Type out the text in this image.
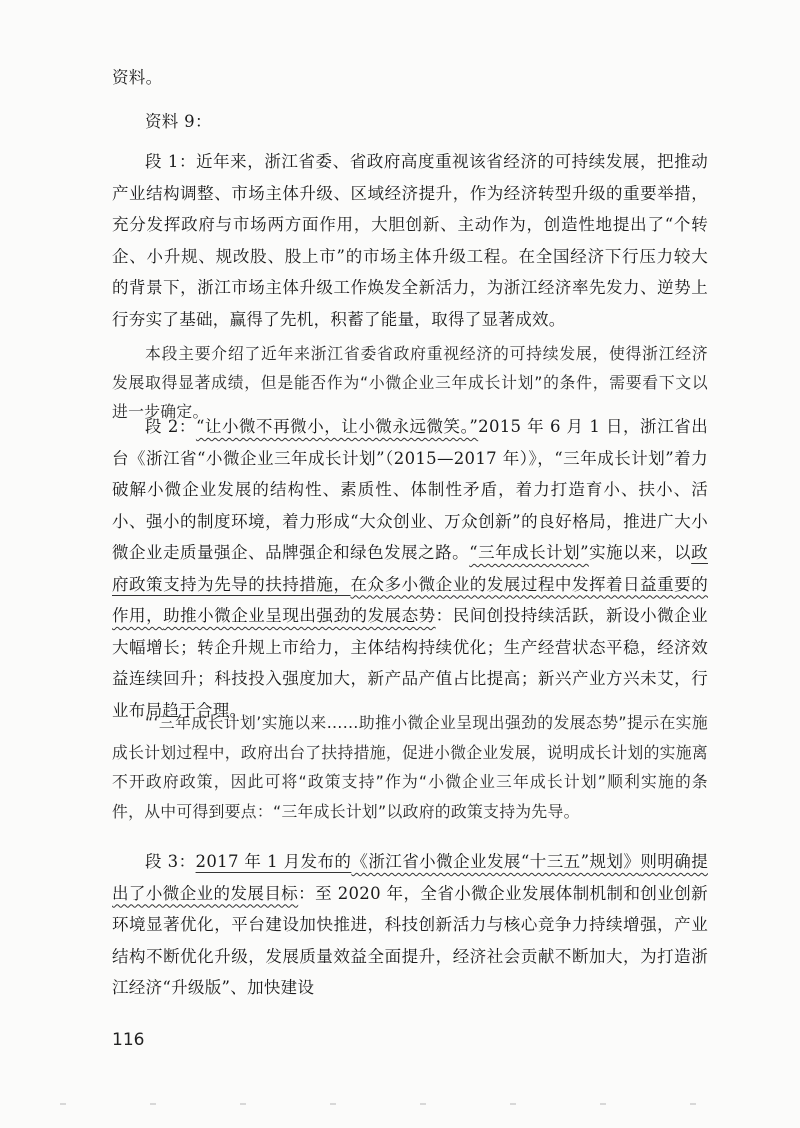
资料。
资料 9：
段 1：近年来，浙江省委、省政府高度重视该省经济的可持续发展，把推动产业结构调整、市场主体升级、区域经济提升，作为经济转型升级的重要举措，充分发挥政府与市场两方面作用，大胆创新、主动作为，创造性地提出了“个转企、小升规、规改股、股上市”的市场主体升级工程。在全国经济下行压力较大的背景下，浙江市场主体升级工作焕发全新活力，为浙江经济率先发力、逆势上行夯实了基础，赢得了先机，积蓄了能量，取得了显著成效。
本段主要介绍了近年来浙江省委省政府重视经济的可持续发展，使得浙江经济发展取得显著成绩，但是能否作为“小微企业三年成长计划”的条件，需要看下文以进一步确定。
段 2：“让小微不再微小，让小微永远微笑。”2015 年 6 月 1 日，浙江省出台《浙江省“小微企业三年成长计划”（2015—2017 年）》，“三年成长计划”着力破解小微企业发展的结构性、素质性、体制性矛盾，着力打造育小、扶小、活小、强小的制度环境，着力形成“大众创业、万众创新”的良好格局，推进广大小微企业走质量强企、品牌强企和绿色发展之路。“三年成长计划”实施以来，以政府政策支持为先导的扶持措施，在众多小微企业的发展过程中发挥着日益重要的作用，助推小微企业呈现出强劲的发展态势：民间创投持续活跃，新设小微企业大幅增长；转企升规上市给力，主体结构持续优化；生产经营状态平稳，经济效益连续回升；科技投入强度加大，新产品产值占比提高；新兴产业方兴未艾，行业布局趋于合理。
“‘三年成长计划’实施以来……助推小微企业呈现出强劲的发展态势”提示在实施成长计划过程中，政府出台了扶持措施，促进小微企业发展，说明成长计划的实施离不开政府政策，因此可将“政策支持”作为“小微企业三年成长计划”顺利实施的条件，从中可得到要点：“三年成长计划”以政府的政策支持为先导。
段 3：2017 年 1 月发布的《浙江省小微企业发展“十三五”规划》则明确提出了小微企业的发展目标：至 2020 年，全省小微企业发展体制机制和创业创新环境显著优化，平台建设加快推进，科技创新活力与核心竞争力持续增强，产业结构不断优化升级，发展质量效益全面提升，经济社会贡献不断加大，为打造浙江经济“升级版”、加快建设
116
